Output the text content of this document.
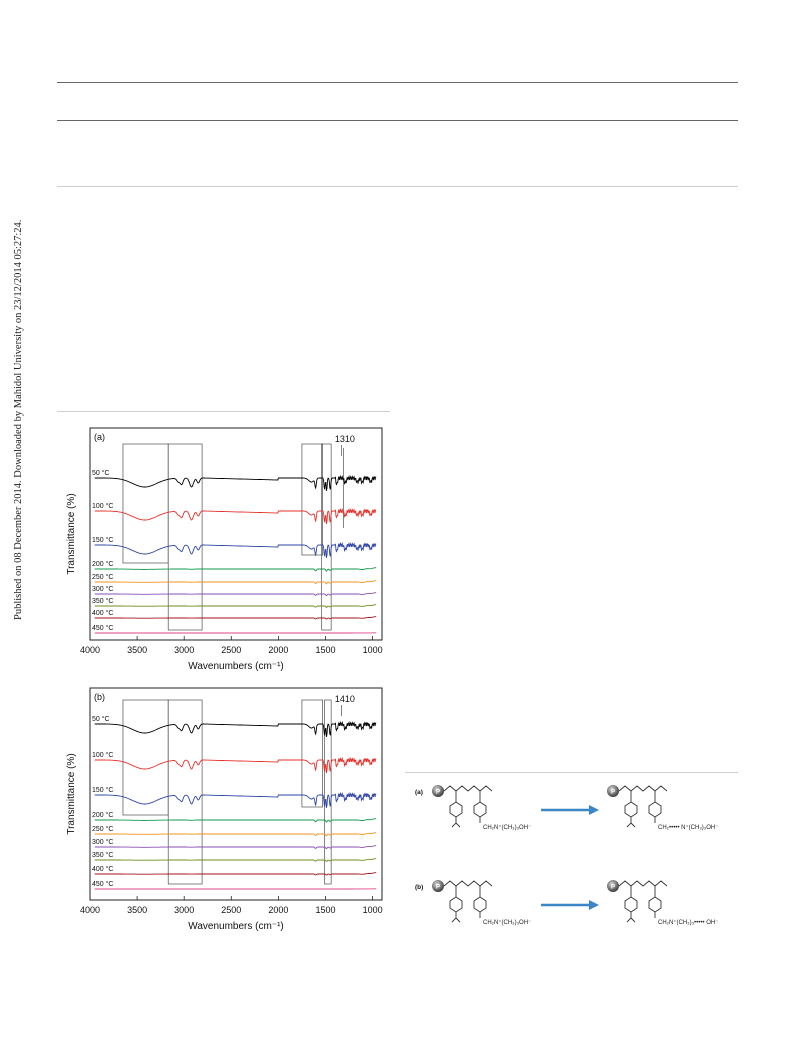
Published on 08 December 2014. Downloaded by Mahidol University on 23/12/2014 05:27:24.	1310
(a)
4000	3500	3000	2500	2000	1500	1000
Wavenumbers (cm⁻¹)
Transmittance (%)
50 °C
100 °C
150 °C
200 °C
250 °C
300 °C
350 °C
400 °C
450 °C
1410
(b)
4000	3500	3000	2500	2000	1500	1000
Wavenumbers (cm⁻¹)
Transmittance (%)
50 °C
100 °C
150 °C
200 °C
250 °C
300 °C
350 °C
400 °C
450 °C
(a) P
CH₂N⁺(CH₃)₃OH⁻
P
CH₂••••• N⁺(CH₃)₃OH⁻
(b) P
CH₂N⁺(CH₃)₃OH⁻
P
CH₂N⁺(CH₃)₃••••• OH⁻
